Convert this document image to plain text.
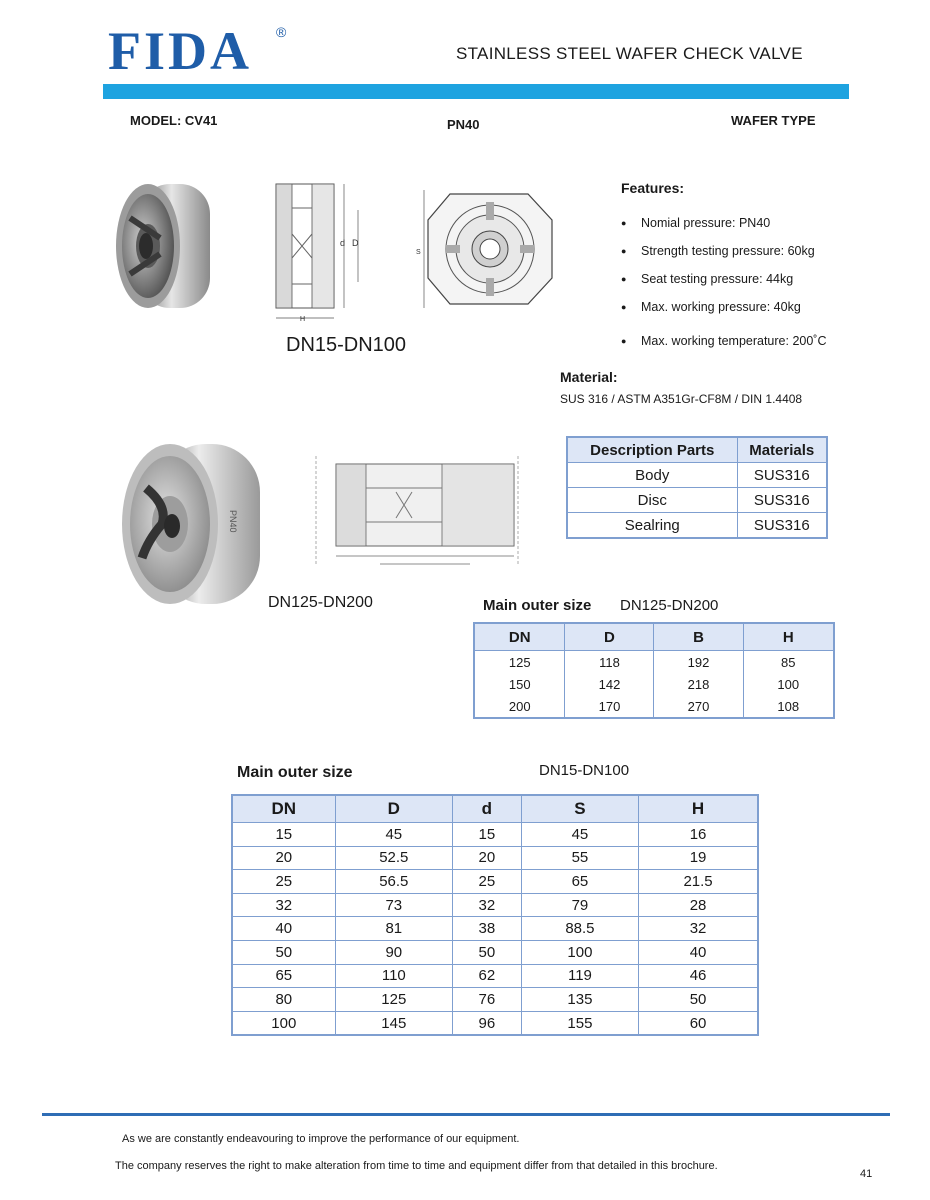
FIDA ®
STAINLESS STEEL WAFER CHECK VALVE
MODEL: CV41	PN40	WAFER TYPE
d D
H
S
DN15-DN100
Features:
● Nomial pressure: PN40
● Strength testing pressure: 60kg
● Seat testing pressure: 44kg
● Max. working pressure: 40kg
● Max. working temperature: 200˚C
Material:
SUS 316 / ASTM A351Gr-CF8M / DIN 1.4408
PN40
DN125-DN200
Description Parts	Materials
Body	SUS316
Disc	SUS316
Sealring	SUS316
Main outer size DN125-DN200
DN	D	B	H
125	118	192	85
150	142	218	100
200	170	270	108
Main outer size	DN15-DN100
DN	D	d	S	H
15	45	15	45	16
20	52.5	20	55	19
25	56.5	25	65	21.5
32	73	32	79	28
40	81	38	88.5	32
50	90	50	100	40
65	110	62	119	46
80	125	76	135	50
100	145	96	155	60
As we are constantly endeavouring to improve the performance of our equipment.
The company reserves the right to make alteration from time to time and equipment differ from that detailed in this brochure.
41
